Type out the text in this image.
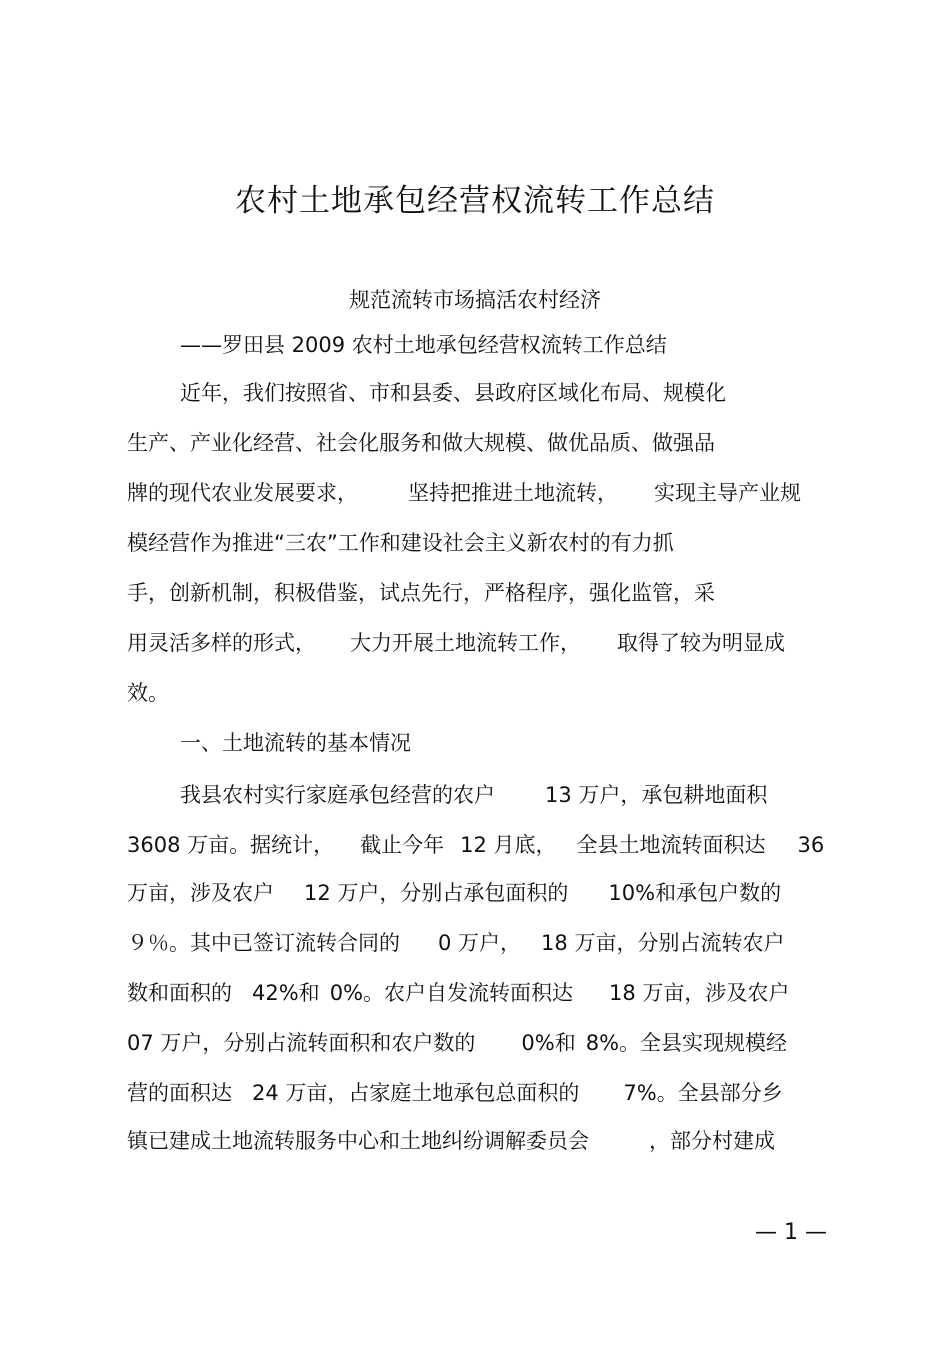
农村土地承包经营权流转工作总结

规范流转市场搞活农村经济

——罗田县 2009 农村土地承包经营权流转工作总结
近年，我们按照省、市和县委、县政府区域化布局、规模化
生产、产业化经营、社会化服务和做大规模、做优品质、做强品
牌的现代农业发展要求， 坚持把推进土地流转， 实现主导产业规
模经营作为推进“三农”工作和建设社会主义新农村的有力抓
手，创新机制，积极借鉴，试点先行，严格程序，强化监管，采
用灵活多样的形式， 大力开展土地流转工作， 取得了较为明显成
效。
一、土地流转的基本情况
我县农村实行家庭承包经营的农户 13 万户，承包耕地面积
3608 万亩。据统计， 截止今年 12 月底， 全县土地流转面积达 36
万亩，涉及农户 12 万户，分别占承包面积的 10%和承包户数的
９％。其中已签订流转合同的 0 万户， 18 万亩，分别占流转农户
数和面积的 42%和 0%。农户自发流转面积达 18 万亩，涉及农户
07 万户，分别占流转面积和农户数的 0%和 8%。全县实现规模经
营的面积达 24 万亩，占家庭土地承包总面积的 7%。全县部分乡
镇已建成土地流转服务中心和土地纠纷调解委员会	，部分村建成
— 1 —
